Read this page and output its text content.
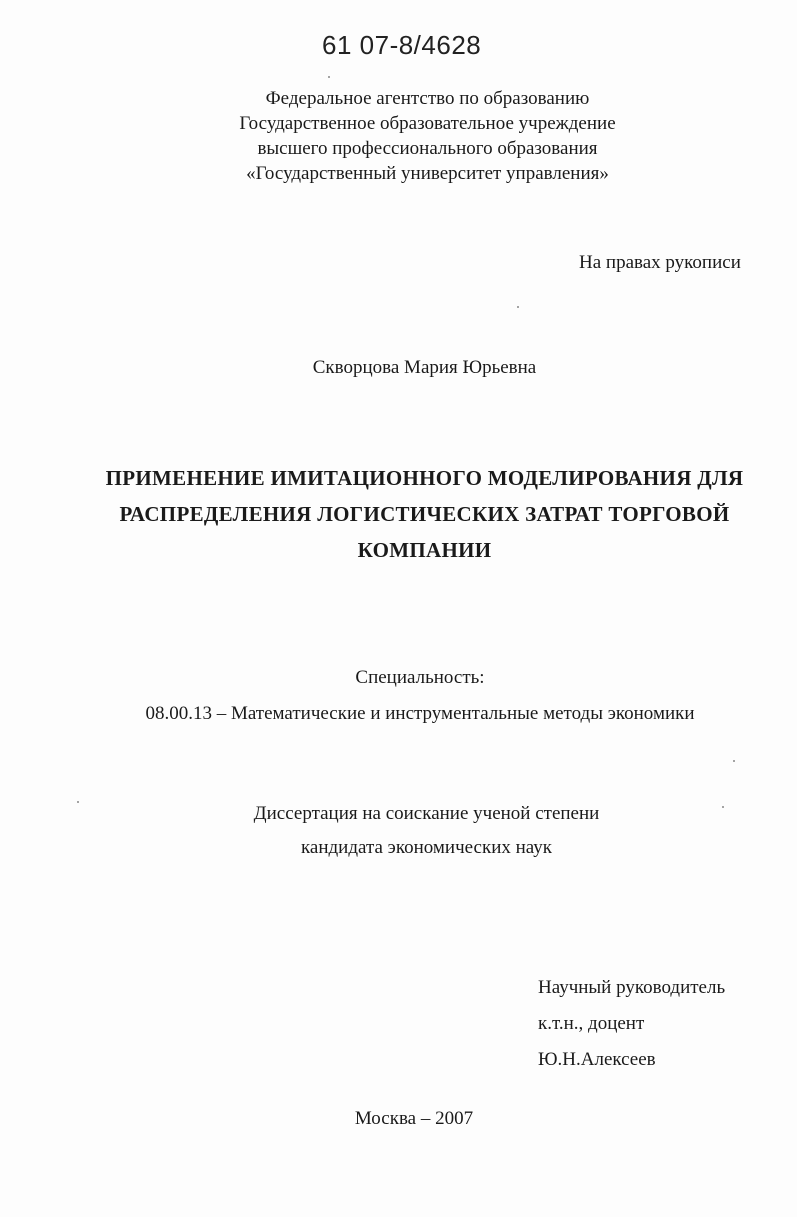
61 07-8/4628
Федеральное агентство по образованию
Государственное образовательное учреждение
высшего профессионального образования
«Государственный университет управления»
На правах рукописи
Скворцова Мария Юрьевна
ПРИМЕНЕНИЕ ИМИТАЦИОННОГО МОДЕЛИРОВАНИЯ ДЛЯ
РАСПРЕДЕЛЕНИЯ ЛОГИСТИЧЕСКИХ ЗАТРАТ ТОРГОВОЙ
КОМПАНИИ
Специальность:
08.00.13 – Математические и инструментальные методы экономики
Диссертация на соискание ученой степени
кандидата экономических наук
Научный руководитель
к.т.н., доцент
Ю.Н.Алексеев
Москва – 2007
